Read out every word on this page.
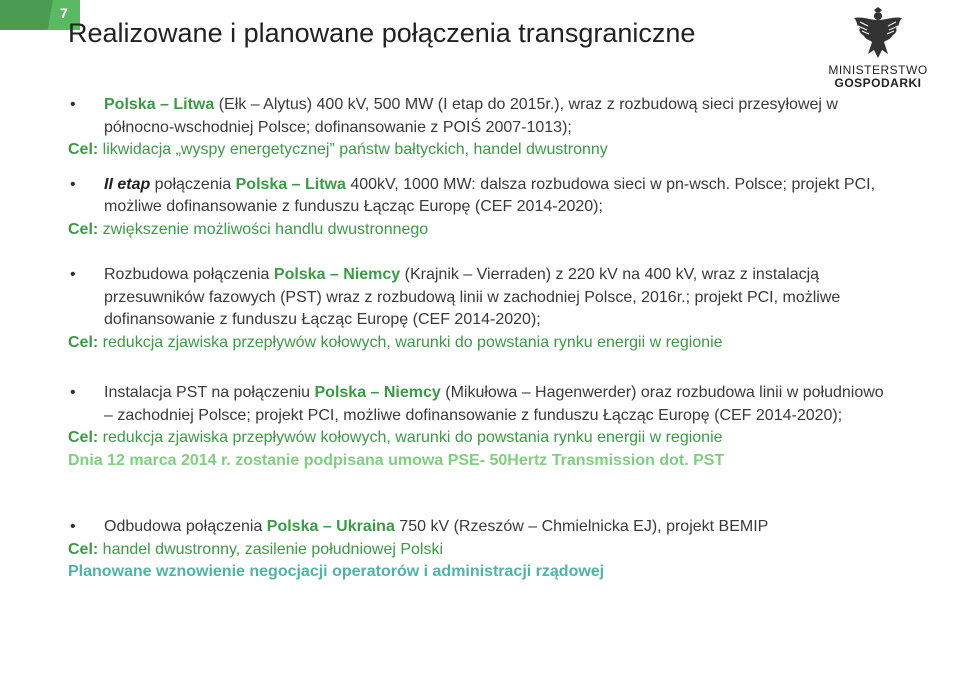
7
Realizowane i planowane połączenia transgraniczne
MINISTERSTWO
GOSPODARKI
• Polska – Litwa (Ełk – Alytus) 400 kV, 500 MW (I etap do 2015r.), wraz z rozbudową sieci przesyłowej w północno-wschodniej Polsce; dofinansowanie z POIŚ 2007-1013);
Cel: likwidacja „wyspy energetycznej” państw bałtyckich, handel dwustronny
• II etap połączenia Polska – Litwa 400kV, 1000 MW: dalsza rozbudowa sieci w pn-wsch. Polsce; projekt PCI, możliwe dofinansowanie z funduszu Łącząc Europę (CEF 2014-2020);
Cel: zwiększenie możliwości handlu dwustronnego
• Rozbudowa połączenia Polska – Niemcy (Krajnik – Vierraden) z 220 kV na 400 kV, wraz z instalacją przesuwników fazowych (PST) wraz z rozbudową linii w zachodniej Polsce, 2016r.; projekt PCI, możliwe dofinansowanie z funduszu Łącząc Europę (CEF 2014-2020);
Cel: redukcja zjawiska przepływów kołowych, warunki do powstania rynku energii w regionie
• Instalacja PST na połączeniu Polska – Niemcy (Mikułowa – Hagenwerder) oraz rozbudowa linii w południowo – zachodniej Polsce; projekt PCI, możliwe dofinansowanie z funduszu Łącząc Europę (CEF 2014-2020);
Cel: redukcja zjawiska przepływów kołowych, warunki do powstania rynku energii w regionie
Dnia 12 marca 2014 r. zostanie podpisana umowa PSE- 50Hertz Transmission dot. PST
• Odbudowa połączenia Polska – Ukraina 750 kV (Rzeszów – Chmielnicka EJ), projekt BEMIP
Cel: handel dwustronny, zasilenie południowej Polski
Planowane wznowienie negocjacji operatorów i administracji rządowej
